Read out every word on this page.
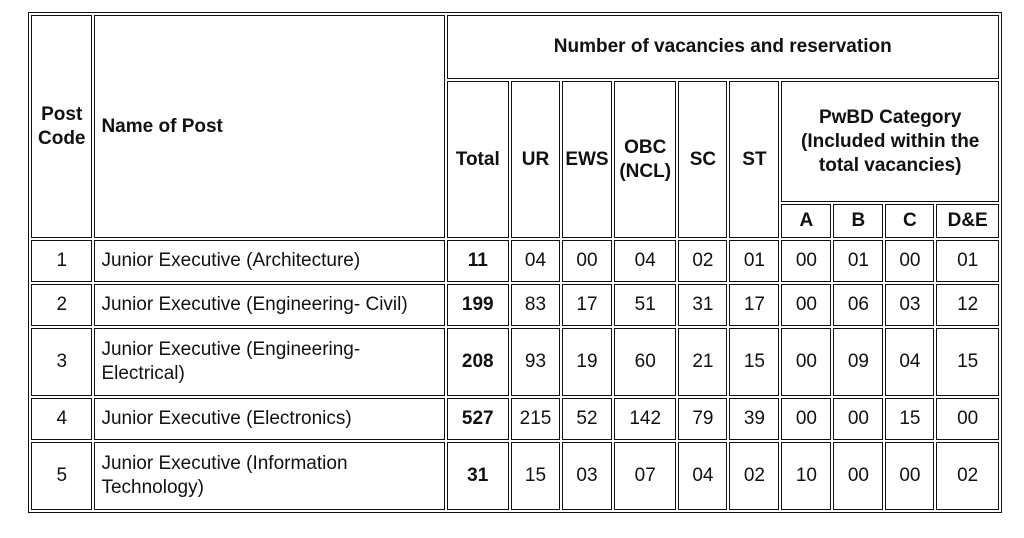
Post Code	Name of Post	Number of vacancies and reservation									
		Total	UR	EWS	OBC (NCL)	SC	ST	PwBD Category (Included within the total vacancies)			
								A	B	C	D&E
1	Junior Executive (Architecture)	11	04	00	04	02	01	00	01	00	01
2	Junior Executive (Engineering- Civil)	199	83	17	51	31	17	00	06	03	12
3	Junior Executive (Engineering- Electrical)	208	93	19	60	21	15	00	09	04	15
4	Junior Executive (Electronics)	527	215	52	142	79	39	00	00	15	00
5	Junior Executive (Information Technology)	31	15	03	07	04	02	10	00	00	02
